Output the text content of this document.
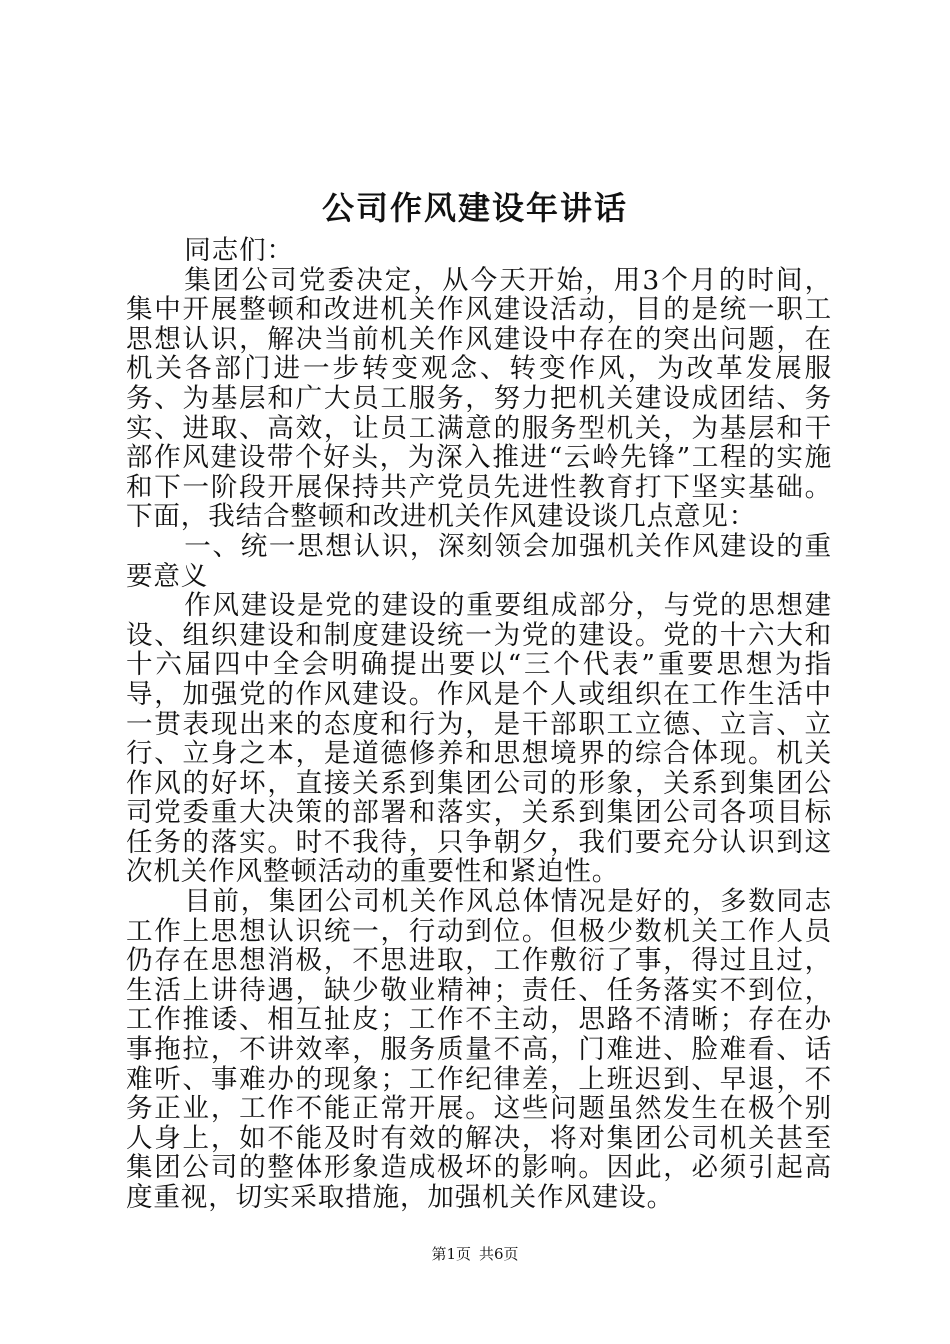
公司作风建设年讲话

同志们：

集团公司党委决定，从今天开始，用3个月的时间，集中开展整顿和改进机关作风建设活动，目的是统一职工思想认识，解决当前机关作风建设中存在的突出问题，在机关各部门进一步转变观念、转变作风，为改革发展服务、为基层和广大员工服务，努力把机关建设成团结、务实、进取、高效，让员工满意的服务型机关，为基层和干部作风建设带个好头，为深入推进“云岭先锋”工程的实施和下一阶段开展保持共产党员先进性教育打下坚实基础。下面，我结合整顿和改进机关作风建设谈几点意见：

一、统一思想认识，深刻领会加强机关作风建设的重要意义

作风建设是党的建设的重要组成部分，与党的思想建设、组织建设和制度建设统一为党的建设。党的十六大和十六届四中全会明确提出要以“三个代表”重要思想为指导，加强党的作风建设。作风是个人或组织在工作生活中一贯表现出来的态度和行为，是干部职工立德、立言、立行、立身之本，是道德修养和思想境界的综合体现。机关作风的好坏，直接关系到集团公司的形象，关系到集团公司党委重大决策的部署和落实，关系到集团公司各项目标任务的落实。时不我待，只争朝夕，我们要充分认识到这次机关作风整顿活动的重要性和紧迫性。

目前，集团公司机关作风总体情况是好的，多数同志工作上思想认识统一，行动到位。但极少数机关工作人员仍存在思想消极，不思进取，工作敷衍了事，得过且过，生活上讲待遇，缺少敬业精神；责任、任务落实不到位，工作推诿、相互扯皮；工作不主动，思路不清晰；存在办事拖拉，不讲效率，服务质量不高，门难进、脸难看、话难听、事难办的现象；工作纪律差，上班迟到、早退，不务正业，工作不能正常开展。这些问题虽然发生在极个别人身上，如不能及时有效的解决，将对集团公司机关甚至集团公司的整体形象造成极坏的影响。因此，必须引起高度重视，切实采取措施，加强机关作风建设。

第1页 共6页
